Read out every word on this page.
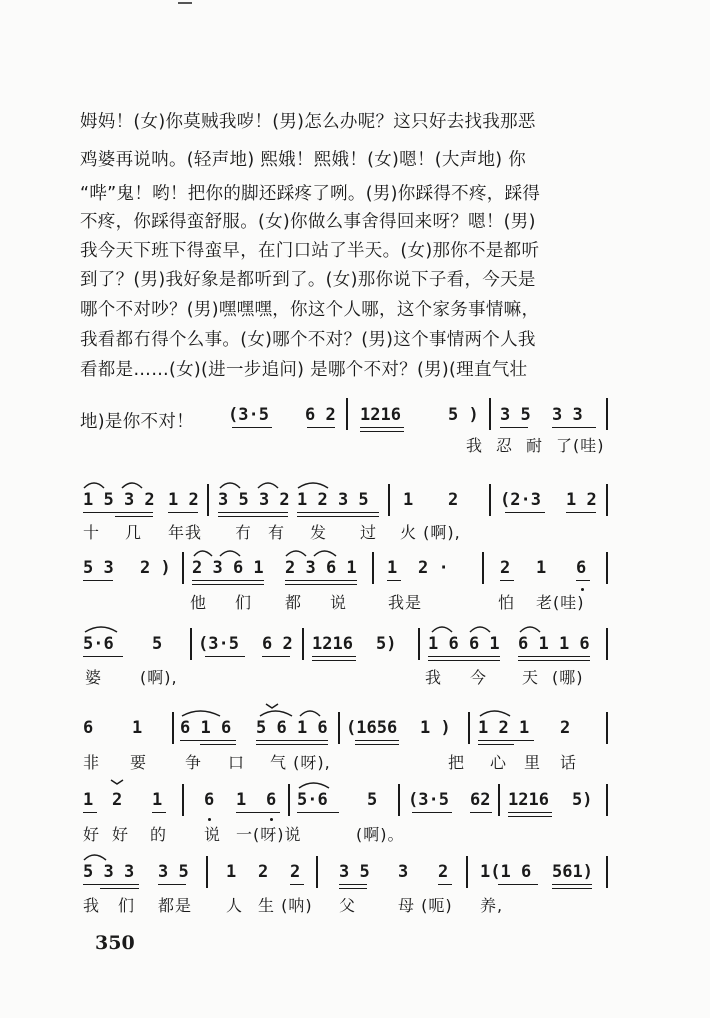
姆妈！(女)你莫贼我哕！(男)怎么办呢？这只好去找我那恶
鸡婆再说呐。(轻声地) 熙娥！熙娥！(女)嗯！(大声地) 你
“哔”鬼！哟！把你的脚还踩疼了咧。(男)你踩得不疼，踩得
不疼，你踩得蛮舒服。(女)你做么事舍得回来呀？嗯！(男)
我今天下班下得蛮早，在门口站了半天。(女)那你不是都听
到了？(男)我好象是都听到了。(女)那你说下子看，今天是
哪个不对吵？(男)嘿嘿嘿，你这个人哪，这个家务事情嘛，
我看都冇得个么事。(女)哪个不对？(男)这个事情两个人我
看都是……(女)(进一步追问) 是哪个不对？(男)(理直气壮
地)是你不对！	(3·5 6 2 1216	5 ) 3 5 3 3
我 忍 耐 了(哇)
1 5 3 2 1 2 3 5 3 2 1 2 3 5 1 2 (2·3 1 2
十 几 年我 冇 有 发 过 火 (啊),
5 3 2 ) 2 3 6 1 2 3 6 1 1 2 ·	2 1 6
他 们 都 说	我是	怕 老(哇)
5·6 5 (3·5 6 2 1216 5) 1 6 6 1 6 1 1 6
婆 (啊),	我 今 天 (哪)
6 1 6 1 6 5 6 1 6 (1656 1 ) 1 2 1 2
非 要 争 口 气 (呀),	把 心 里 话
1 2 1 6 1 6 5·6 5 (3·5 62 1216 5)
好 好 的 说 一(呀)说	(啊)。
5 3 3 3 5 1 2 2 3 5 3 2 1(1 6 561)
我 们 都是 人 生 (呐) 父	母 (呃) 养,
350
